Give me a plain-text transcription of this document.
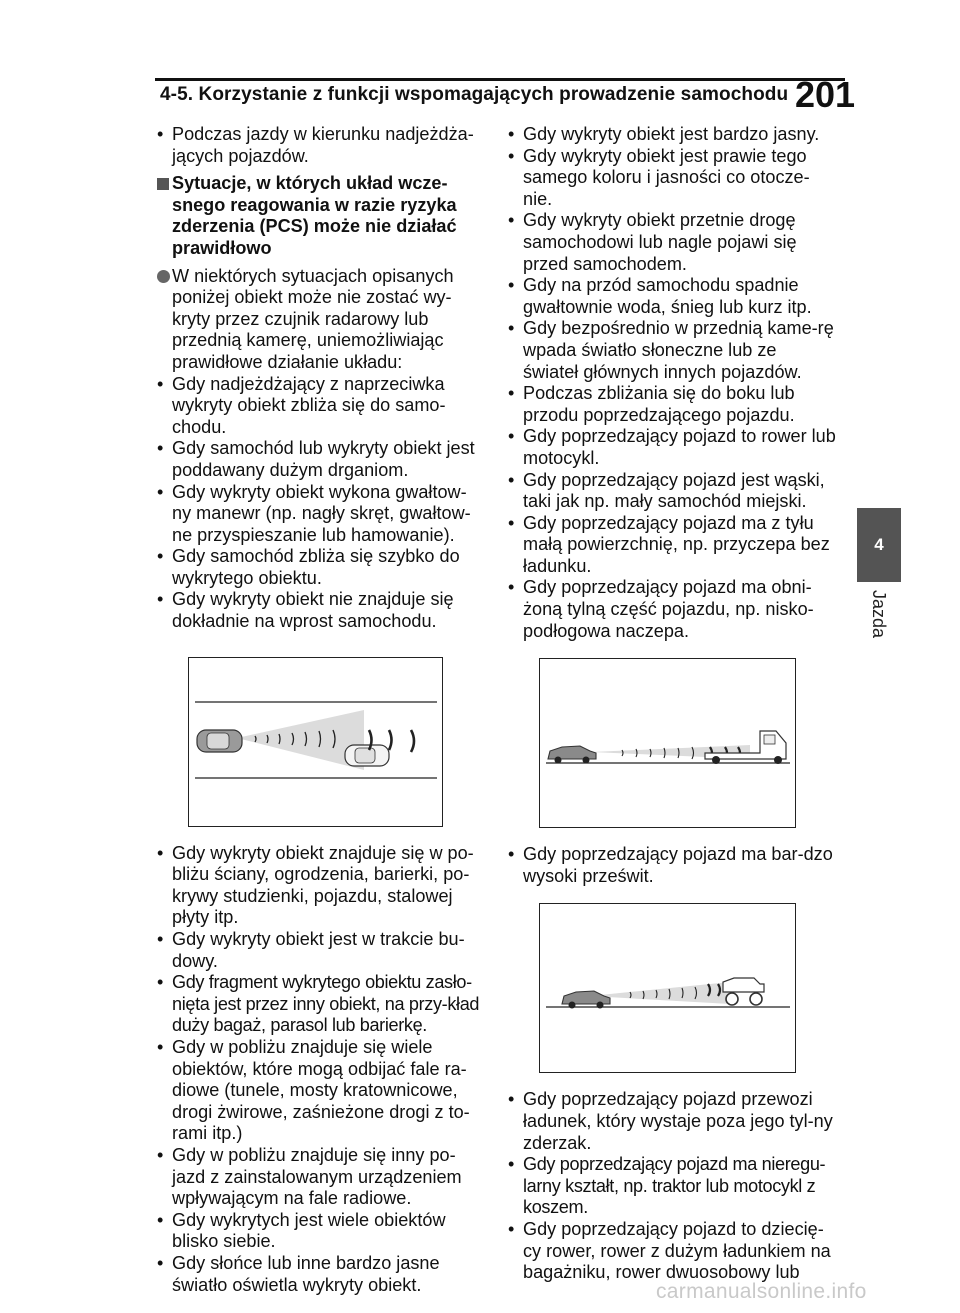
4-5. Korzystanie z funkcji wspomagających prowadzenie samochodu 201
4
Jazda
• Podczas jazdy w kierunku nadjeżdża-jących pojazdów.
Sytuacje, w których układ wcze-snego reagowania w razie ryzyka zderzenia (PCS) może nie działać prawidłowo
W niektórych sytuacjach opisanych poniżej obiekt może nie zostać wy-kryty przez czujnik radarowy lub przednią kamerę, uniemożliwiając prawidłowe działanie układu:
• Gdy nadjeżdżający z naprzeciwka wykryty obiekt zbliża się do samo-chodu.
• Gdy samochód lub wykryty obiekt jest poddawany dużym drganiom.
• Gdy wykryty obiekt wykona gwałtow-ny manewr (np. nagły skręt, gwałtow-ne przyspieszanie lub hamowanie).
• Gdy samochód zbliża się szybko do wykrytego obiektu.
• Gdy wykryty obiekt nie znajduje się dokładnie na wprost samochodu.
• Gdy wykryty obiekt znajduje się w po-bliżu ściany, ogrodzenia, barierki, po-krywy studzienki, pojazdu, stalowej płyty itp.
• Gdy wykryty obiekt jest w trakcie bu-dowy.
• Gdy fragment wykrytego obiektu zasło-nięta jest przez inny obiekt, na przy-kład duży bagaż, parasol lub barierkę.
• Gdy w pobliżu znajduje się wiele obiektów, które mogą odbijać fale ra-diowe (tunele, mosty kratownicowe, drogi żwirowe, zaśnieżone drogi z to-rami itp.)
• Gdy w pobliżu znajduje się inny po-jazd z zainstalowanym urządzeniem wpływającym na fale radiowe.
• Gdy wykrytych jest wiele obiektów blisko siebie.
• Gdy słońce lub inne bardzo jasne światło oświetla wykryty obiekt.
• Gdy wykryty obiekt jest bardzo jasny.
• Gdy wykryty obiekt jest prawie tego samego koloru i jasności co otocze-nie.
• Gdy wykryty obiekt przetnie drogę samochodowi lub nagle pojawi się przed samochodem.
• Gdy na przód samochodu spadnie gwałtownie woda, śnieg lub kurz itp.
• Gdy bezpośrednio w przednią kame-rę wpada światło słoneczne lub ze świateł głównych innych pojazdów.
• Podczas zbliżania się do boku lub przodu poprzedzającego pojazdu.
• Gdy poprzedzający pojazd to rower lub motocykl.
• Gdy poprzedzający pojazd jest wąski, taki jak np. mały samochód miejski.
• Gdy poprzedzający pojazd ma z tyłu małą powierzchnię, np. przyczepa bez ładunku.
• Gdy poprzedzający pojazd ma obni-żoną tylną część pojazdu, np. nisko-podłogowa naczepa.
• Gdy poprzedzający pojazd ma bar-dzo wysoki prześwit.
• Gdy poprzedzający pojazd przewozi ładunek, który wystaje poza jego tyl-ny zderzak.
• Gdy poprzedzający pojazd ma nieregu-larny kształt, np. traktor lub motocykl z koszem.
• Gdy poprzedzający pojazd to dziecię-cy rower, rower z dużym ładunkiem na bagażniku, rower dwuosobowy lub
carmanualsonline.info
